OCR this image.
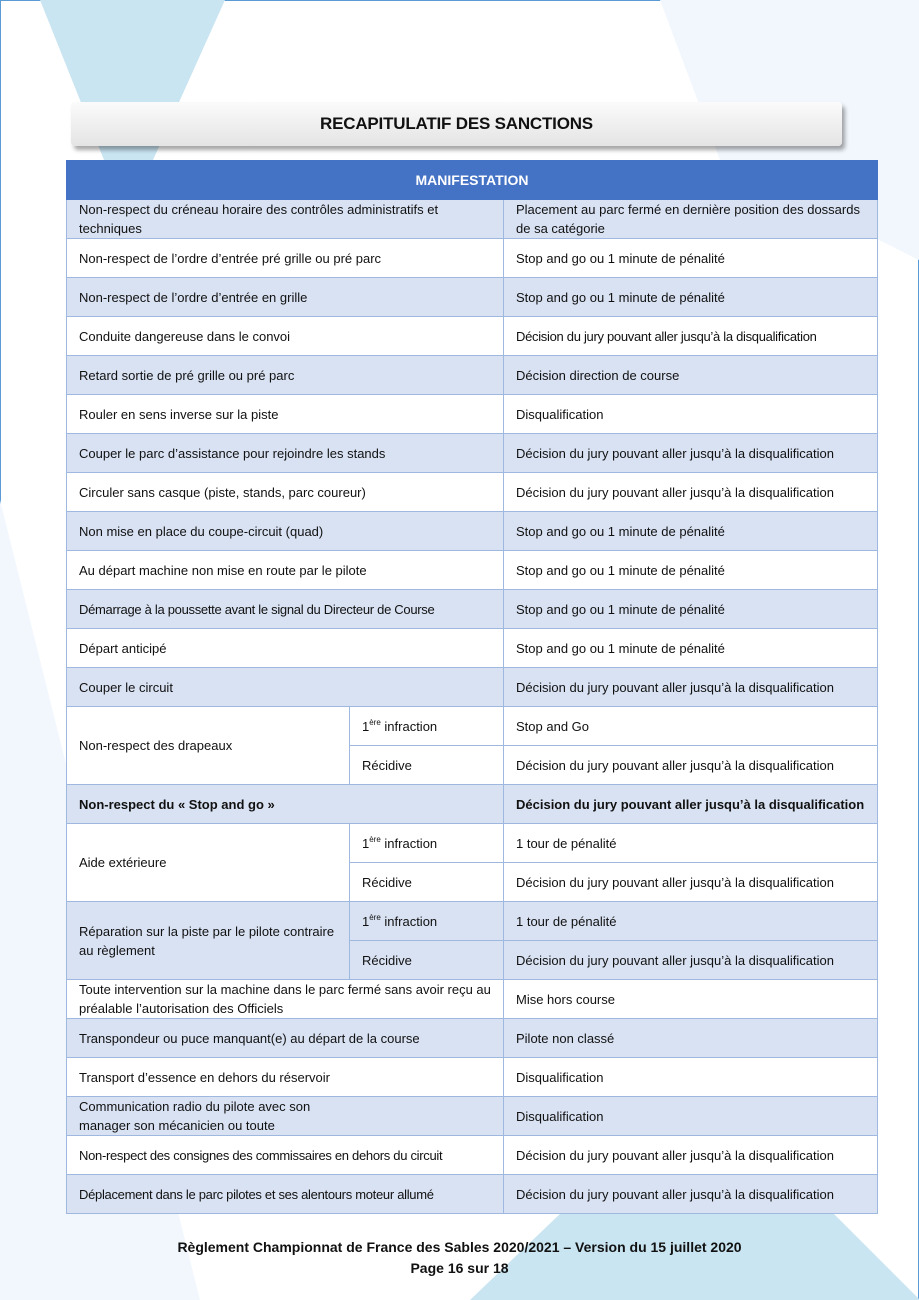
RECAPITULATIF DES SANCTIONS
MANIFESTATION		
Non-respect du créneau horaire des contrôles administratifs et techniques		Placement au parc fermé en dernière position des dossards de sa catégorie
Non-respect de l’ordre d’entrée pré grille ou pré parc		Stop and go ou 1 minute de pénalité
Non-respect de l’ordre d’entrée en grille		Stop and go ou 1 minute de pénalité
Conduite dangereuse dans le convoi		Décision du jury pouvant aller jusqu’à la disqualification
Retard sortie de pré grille ou pré parc		Décision direction de course
Rouler en sens inverse sur la piste		Disqualification
Couper le parc d’assistance pour rejoindre les stands		Décision du jury pouvant aller jusqu’à la disqualification
Circuler sans casque (piste, stands, parc coureur)		Décision du jury pouvant aller jusqu’à la disqualification
Non mise en place du coupe-circuit (quad)		Stop and go ou 1 minute de pénalité
Au départ machine non mise en route par le pilote		Stop and go ou 1 minute de pénalité
Démarrage à la poussette avant le signal du Directeur de Course		Stop and go ou 1 minute de pénalité
Départ anticipé		Stop and go ou 1 minute de pénalité
Couper le circuit		Décision du jury pouvant aller jusqu’à la disqualification
Non-respect des drapeaux	1ère infraction	Stop and Go
	Récidive	Décision du jury pouvant aller jusqu’à la disqualification
Non-respect du « Stop and go »		Décision du jury pouvant aller jusqu’à la disqualification
Aide extérieure	1ère infraction	1 tour de pénalité
	Récidive	Décision du jury pouvant aller jusqu’à la disqualification
Réparation sur la piste par le pilote contraire au règlement	1ère infraction	1 tour de pénalité
	Récidive	Décision du jury pouvant aller jusqu’à la disqualification
Toute intervention sur la machine dans le parc fermé sans avoir reçu au préalable l’autorisation des Officiels		Mise hors course
Transpondeur ou puce manquant(e) au départ de la course		Pilote non classé
Transport d’essence en dehors du réservoir		Disqualification
Communication radio du pilote avec son manager son mécanicien ou toute		Disqualification
Non-respect des consignes des commissaires en dehors du circuit		Décision du jury pouvant aller jusqu’à la disqualification
Déplacement dans le parc pilotes et ses alentours moteur allumé		Décision du jury pouvant aller jusqu’à la disqualification
Règlement Championnat de France des Sables 2020/2021 – Version du 15 juillet 2020
Page 16 sur 18
